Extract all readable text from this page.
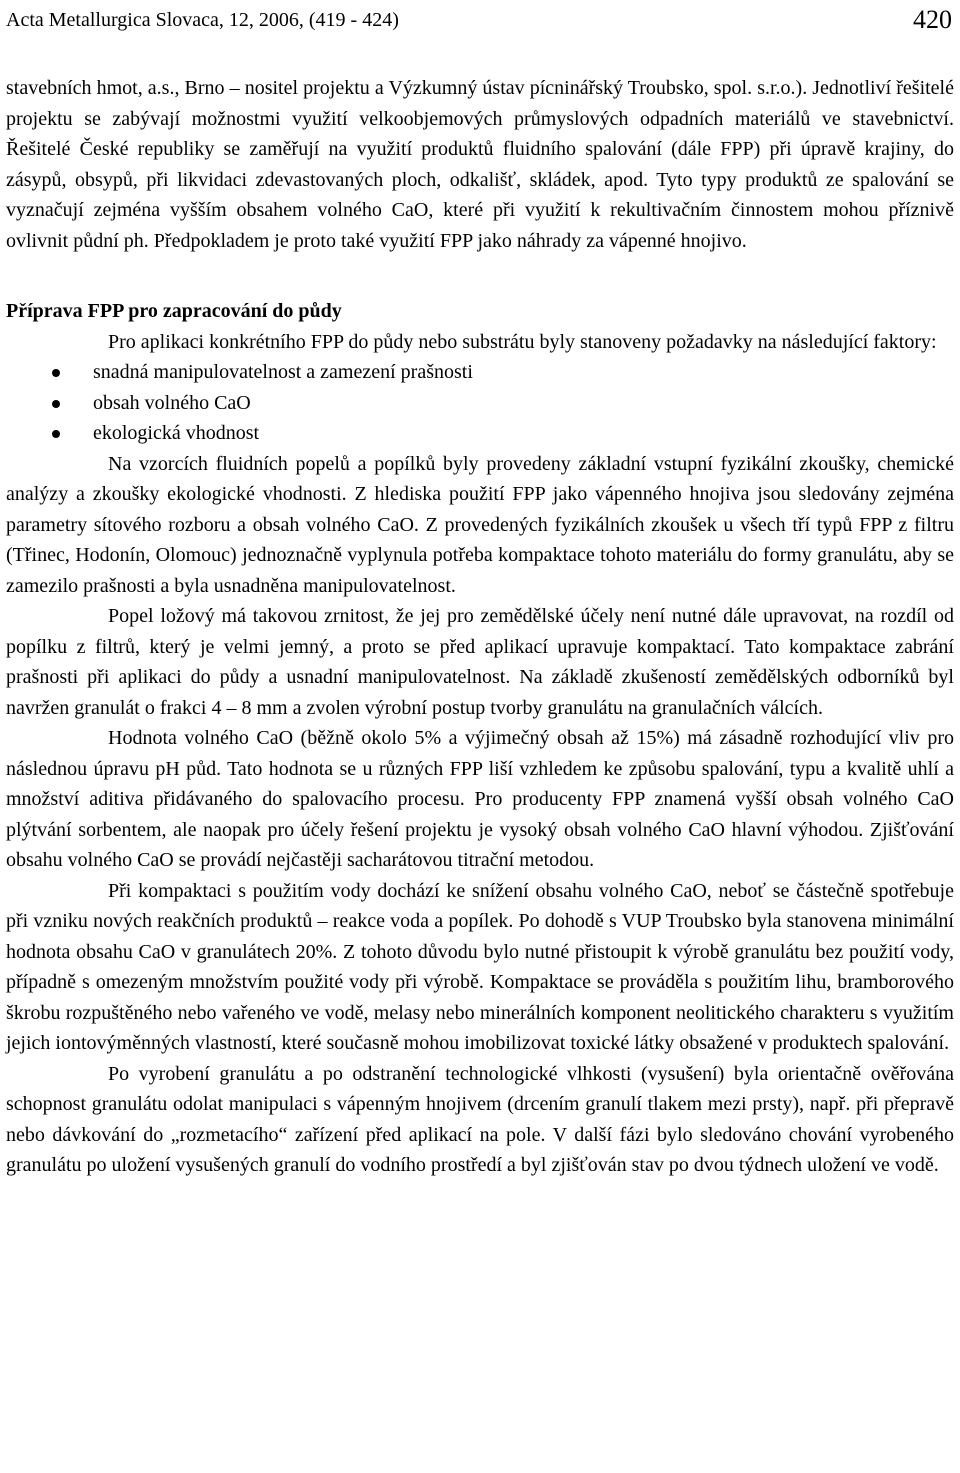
Acta Metallurgica Slovaca, 12, 2006, (419 - 424)	420

stavebních hmot, a.s., Brno – nositel projektu a Výzkumný ústav pícninářský Troubsko, spol. s.r.o.). Jednotliví řešitelé projektu se zabývají možnostmi využití velkoobjemových průmyslových odpadních materiálů ve stavebnictví. Řešitelé České republiky se zaměřují na využití produktů fluidního spalování (dále FPP) při úpravě krajiny, do zásypů, obsypů, při likvidaci zdevastovaných ploch, odkališť, skládek, apod. Tyto typy produktů ze spalování se vyznačují zejména vyšším obsahem volného CaO, které při využití k rekultivačním činnostem mohou příznivě ovlivnit půdní ph. Předpokladem je proto také využití FPP jako náhrady za vápenné hnojivo.

Příprava FPP pro zapracování do půdy

Pro aplikaci konkrétního FPP do půdy nebo substrátu byly stanoveny požadavky na následující faktory:

snadná manipulovatelnost a zamezení prašnosti
obsah volného CaO
ekologická vhodnost

Na vzorcích fluidních popelů a popílků byly provedeny základní vstupní fyzikální zkoušky, chemické analýzy a zkoušky ekologické vhodnosti. Z hlediska použití FPP jako vápenného hnojiva jsou sledovány zejména parametry sítového rozboru a obsah volného CaO. Z provedených fyzikálních zkoušek u všech tří typů FPP z filtru (Třinec, Hodonín, Olomouc) jednoznačně vyplynula potřeba kompaktace tohoto materiálu do formy granulátu, aby se zamezilo prašnosti a byla usnadněna manipulovatelnost.

Popel ložový má takovou zrnitost, že jej pro zemědělské účely není nutné dále upravovat, na rozdíl od popílku z filtrů, který je velmi jemný, a proto se před aplikací upravuje kompaktací. Tato kompaktace zabrání prašnosti při aplikaci do půdy a usnadní manipulovatelnost. Na základě zkušeností zemědělských odborníků byl navržen granulát o frakci 4 – 8 mm a zvolen výrobní postup tvorby granulátu na granulačních válcích.

Hodnota volného CaO (běžně okolo 5% a výjimečný obsah až 15%) má zásadně rozhodující vliv pro následnou úpravu pH půd. Tato hodnota se u různých FPP liší vzhledem ke způsobu spalování, typu a kvalitě uhlí a množství aditiva přidávaného do spalovacího procesu. Pro producenty FPP znamená vyšší obsah volného CaO plýtvání sorbentem, ale naopak pro účely řešení projektu je vysoký obsah volného CaO hlavní výhodou. Zjišťování obsahu volného CaO se provádí nejčastěji sacharátovou titrační metodou.

Při kompaktaci s použitím vody dochází ke snížení obsahu volného CaO, neboť se částečně spotřebuje při vzniku nových reakčních produktů – reakce voda a popílek. Po dohodě s VUP Troubsko byla stanovena minimální hodnota obsahu CaO v granulátech 20%. Z tohoto důvodu bylo nutné přistoupit k výrobě granulátu bez použití vody, případně s omezeným množstvím použité vody při výrobě. Kompaktace se prováděla s použitím lihu, bramborového škrobu rozpuštěného nebo vařeného ve vodě, melasy nebo minerálních komponent neolitického charakteru s využitím jejich iontovýměnných vlastností, které současně mohou imobilizovat toxické látky obsažené v produktech spalování.

Po vyrobení granulátu a po odstranění technologické vlhkosti (vysušení) byla orientačně ověřována schopnost granulátu odolat manipulaci s vápenným hnojivem (drcením granulí tlakem mezi prsty), např. při přepravě nebo dávkování do „rozmetacího“ zařízení před aplikací na pole. V další fázi bylo sledováno chování vyrobeného granulátu po uložení vysušených granulí do vodního prostředí a byl zjišťován stav po dvou týdnech uložení ve vodě.
